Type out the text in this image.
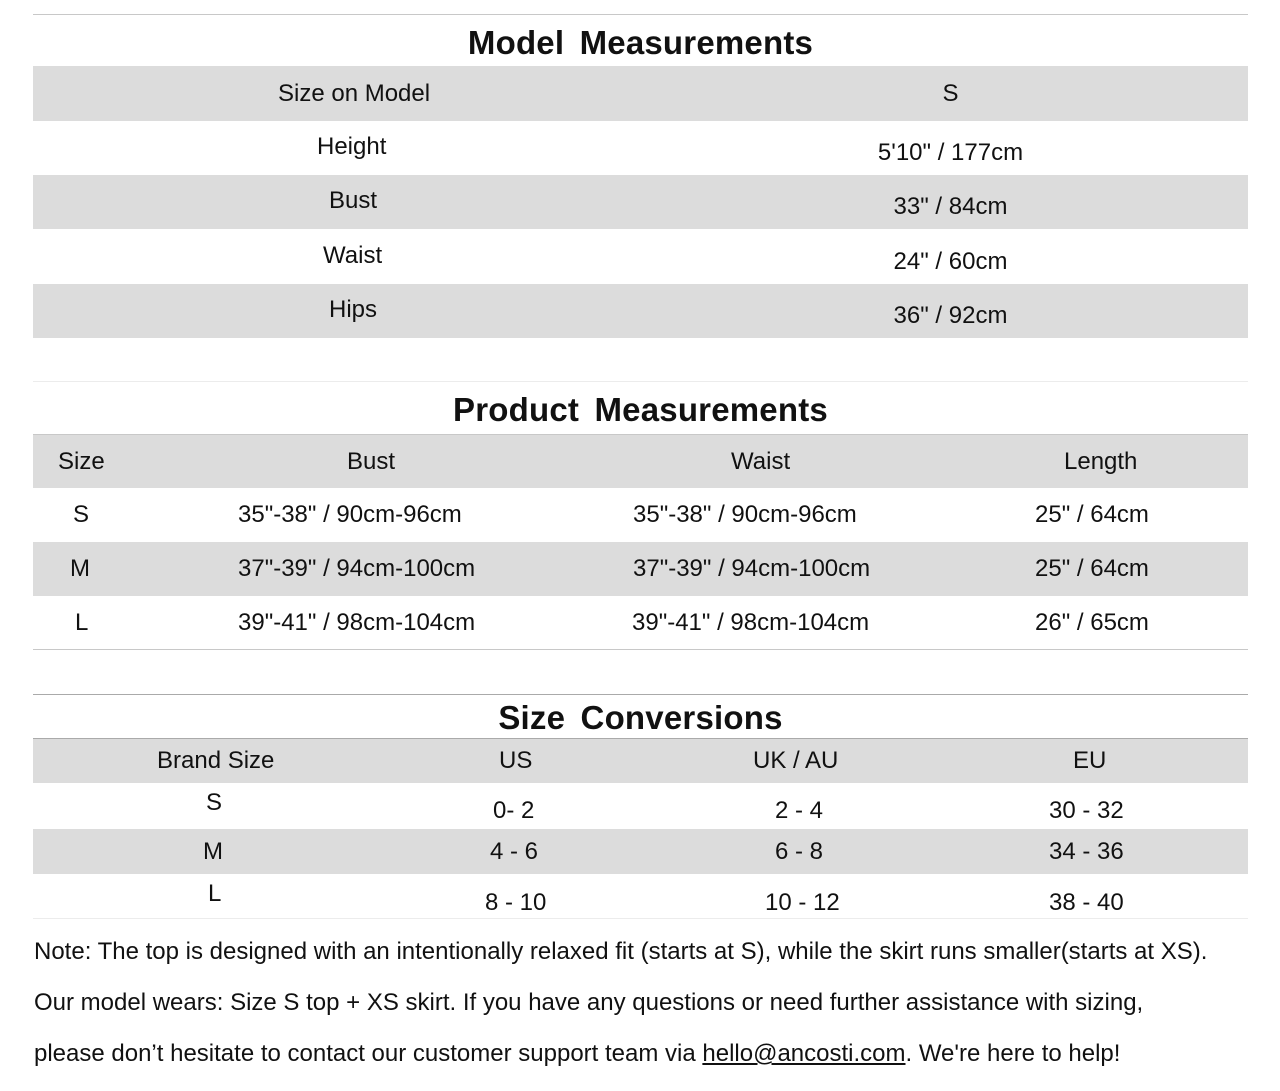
Model Measurements
Size on Model	S
Height	5'10" / 177cm
Bust	33" / 84cm
Waist	24" / 60cm
Hips	36" / 92cm
Product Measurements
Size	Bust	Waist	Length
S	35"-38" / 90cm-96cm	35"-38" / 90cm-96cm	25" / 64cm
M	37"-39" / 94cm-100cm	37"-39" / 94cm-100cm	25" / 64cm
L	39"-41" / 98cm-104cm	39"-41" / 98cm-104cm	26" / 65cm
Size Conversions
Brand Size	US	UK / AU	EU
S	0- 2	2 - 4	30 - 32
M	4 - 6	6 - 8	34 - 36
L	8 - 10	10 - 12	38 - 40
Note: The top is designed with an intentionally relaxed fit (starts at S), while the skirt runs smaller(starts at XS).
Our model wears: Size S top + XS skirt. If you have any questions or need further assistance with sizing,
please don’t hesitate to contact our customer support team via hello@ancosti.com. We're here to help!
